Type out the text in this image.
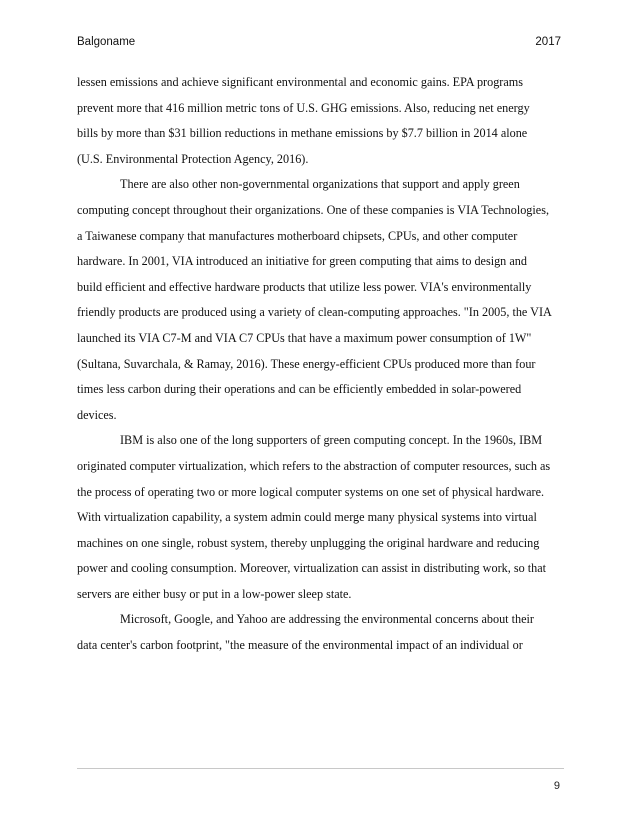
Balgoname	2017
lessen emissions and achieve significant environmental and economic gains. EPA programs
prevent more that 416 million metric tons of U.S. GHG emissions. Also, reducing net energy
bills by more than $31 billion reductions in methane emissions by $7.7 billion in 2014 alone
(U.S. Environmental Protection Agency, 2016).
There are also other non-governmental organizations that support and apply green
computing concept throughout their organizations. One of these companies is VIA Technologies,
a Taiwanese company that manufactures motherboard chipsets, CPUs, and other computer
hardware. In 2001, VIA introduced an initiative for green computing that aims to design and
build efficient and effective hardware products that utilize less power. VIA's environmentally
friendly products are produced using a variety of clean-computing approaches. "In 2005, the VIA
launched its VIA C7-M and VIA C7 CPUs that have a maximum power consumption of 1W"
(Sultana, Suvarchala, & Ramay, 2016). These energy-efficient CPUs produced more than four
times less carbon during their operations and can be efficiently embedded in solar-powered
devices.
IBM is also one of the long supporters of green computing concept. In the 1960s, IBM
originated computer virtualization, which refers to the abstraction of computer resources, such as
the process of operating two or more logical computer systems on one set of physical hardware.
With virtualization capability, a system admin could merge many physical systems into virtual
machines on one single, robust system, thereby unplugging the original hardware and reducing
power and cooling consumption. Moreover, virtualization can assist in distributing work, so that
servers are either busy or put in a low-power sleep state.
Microsoft, Google, and Yahoo are addressing the environmental concerns about their
data center's carbon footprint, "the measure of the environmental impact of an individual or
9
